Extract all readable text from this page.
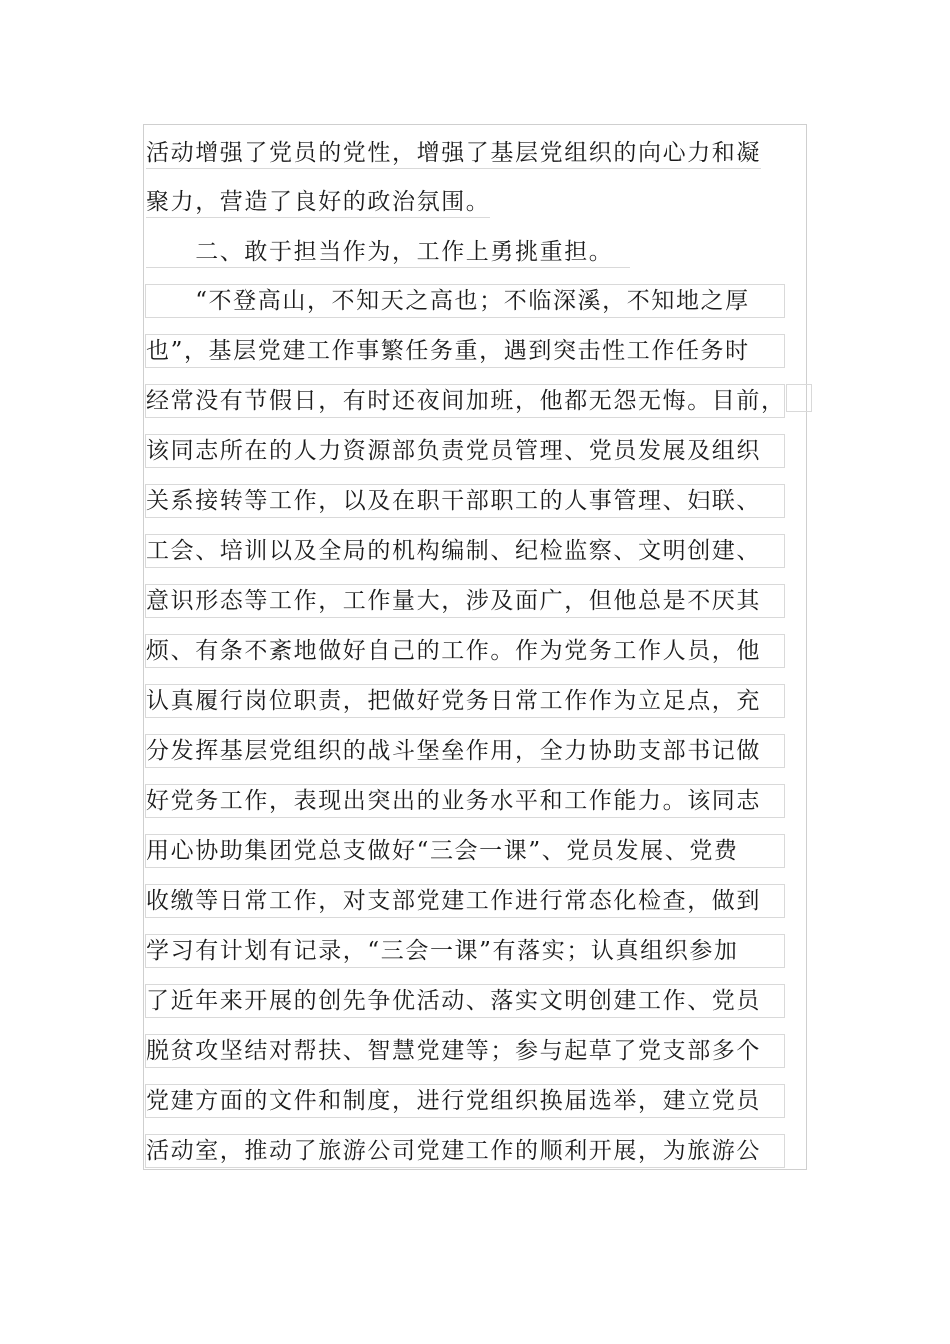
活动增强了党员的党性，增强了基层党组织的向心力和凝
聚力，营造了良好的政治氛围。
　　二、敢于担当作为，工作上勇挑重担。
　　“不登高山，不知天之高也；不临深溪，不知地之厚
也”，基层党建工作事繁任务重，遇到突击性工作任务时
经常没有节假日，有时还夜间加班，他都无怨无悔。目前，
该同志所在的人力资源部负责党员管理、党员发展及组织
关系接转等工作，以及在职干部职工的人事管理、妇联、
工会、培训以及全局的机构编制、纪检监察、文明创建、
意识形态等工作，工作量大，涉及面广，但他总是不厌其
烦、有条不紊地做好自己的工作。作为党务工作人员，他
认真履行岗位职责，把做好党务日常工作作为立足点，充
分发挥基层党组织的战斗堡垒作用，全力协助支部书记做
好党务工作，表现出突出的业务水平和工作能力。该同志
用心协助集团党总支做好“三会一课”、党员发展、党费
收缴等日常工作，对支部党建工作进行常态化检查，做到
学习有计划有记录，“三会一课”有落实；认真组织参加
了近年来开展的创先争优活动、落实文明创建工作、党员
脱贫攻坚结对帮扶、智慧党建等；参与起草了党支部多个
党建方面的文件和制度，进行党组织换届选举，建立党员
活动室，推动了旅游公司党建工作的顺利开展，为旅游公
